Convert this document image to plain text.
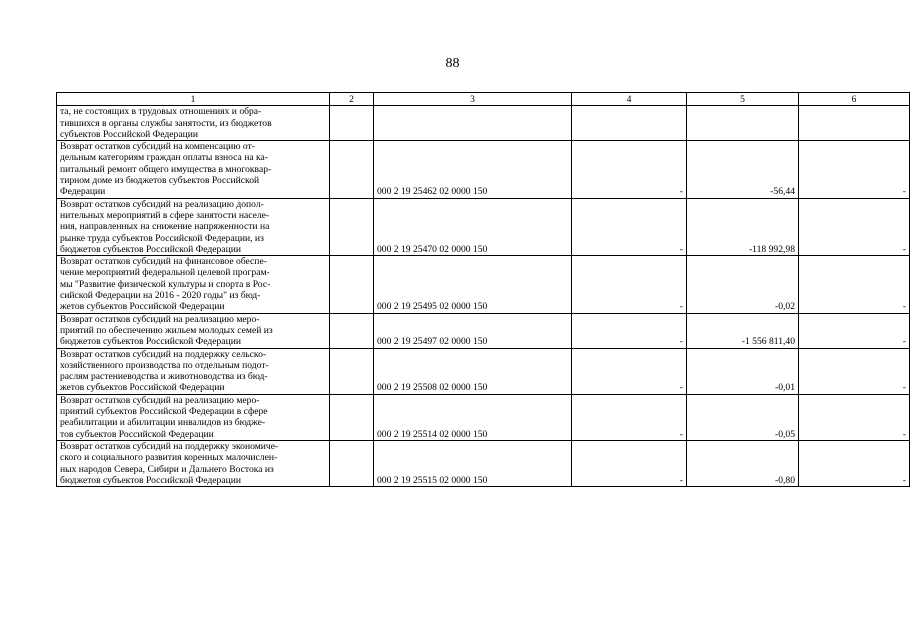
88
1	2	3	4	5	6

та, не состоящих в трудовых отношениях и обра-
тившихся в органы службы занятости, из бюджетов
субъектов Российской Федерации					

Возврат остатков субсидий на компенсацию от-
дельным категориям граждан оплаты взноса на ка-
питальный ремонт общего имущества в многоквар-
тирном доме из бюджетов субъектов Российской
Федерации		000 2 19 25462 02 0000 150	-	-56,44	-

Возврат остатков субсидий на реализацию допол-
нительных мероприятий в сфере занятости населе-
ния, направленных на снижение напряженности на
рынке труда субъектов Российской Федерации, из
бюджетов субъектов Российской Федерации		000 2 19 25470 02 0000 150	-	-118 992,98	-

Возврат остатков субсидий на финансовое обеспе-
чение мероприятий федеральной целевой програм-
мы "Развитие физической культуры и спорта в Рос-
сийской Федерации на 2016 - 2020 годы" из бюд-
жетов субъектов Российской Федерации		000 2 19 25495 02 0000 150	-	-0,02	-

Возврат остатков субсидий на реализацию меро-
приятий по обеспечению жильем молодых семей из
бюджетов субъектов Российской Федерации		000 2 19 25497 02 0000 150	-	-1 556 811,40	-

Возврат остатков субсидий на поддержку сельско-
хозяйственного производства по отдельным подот-
раслям растениеводства и животноводства из бюд-
жетов субъектов Российской Федерации		000 2 19 25508 02 0000 150	-	-0,01	-

Возврат остатков субсидий на реализацию меро-
приятий субъектов Российской Федерации в сфере
реабилитации и абилитации инвалидов из бюдже-
тов субъектов Российской Федерации		000 2 19 25514 02 0000 150	-	-0,05	-

Возврат остатков субсидий на поддержку экономиче-
ского и социального развития коренных малочислен-
ных народов Севера, Сибири и Дальнего Востока из
бюджетов субъектов Российской Федерации		000 2 19 25515 02 0000 150	-	-0,80	-
